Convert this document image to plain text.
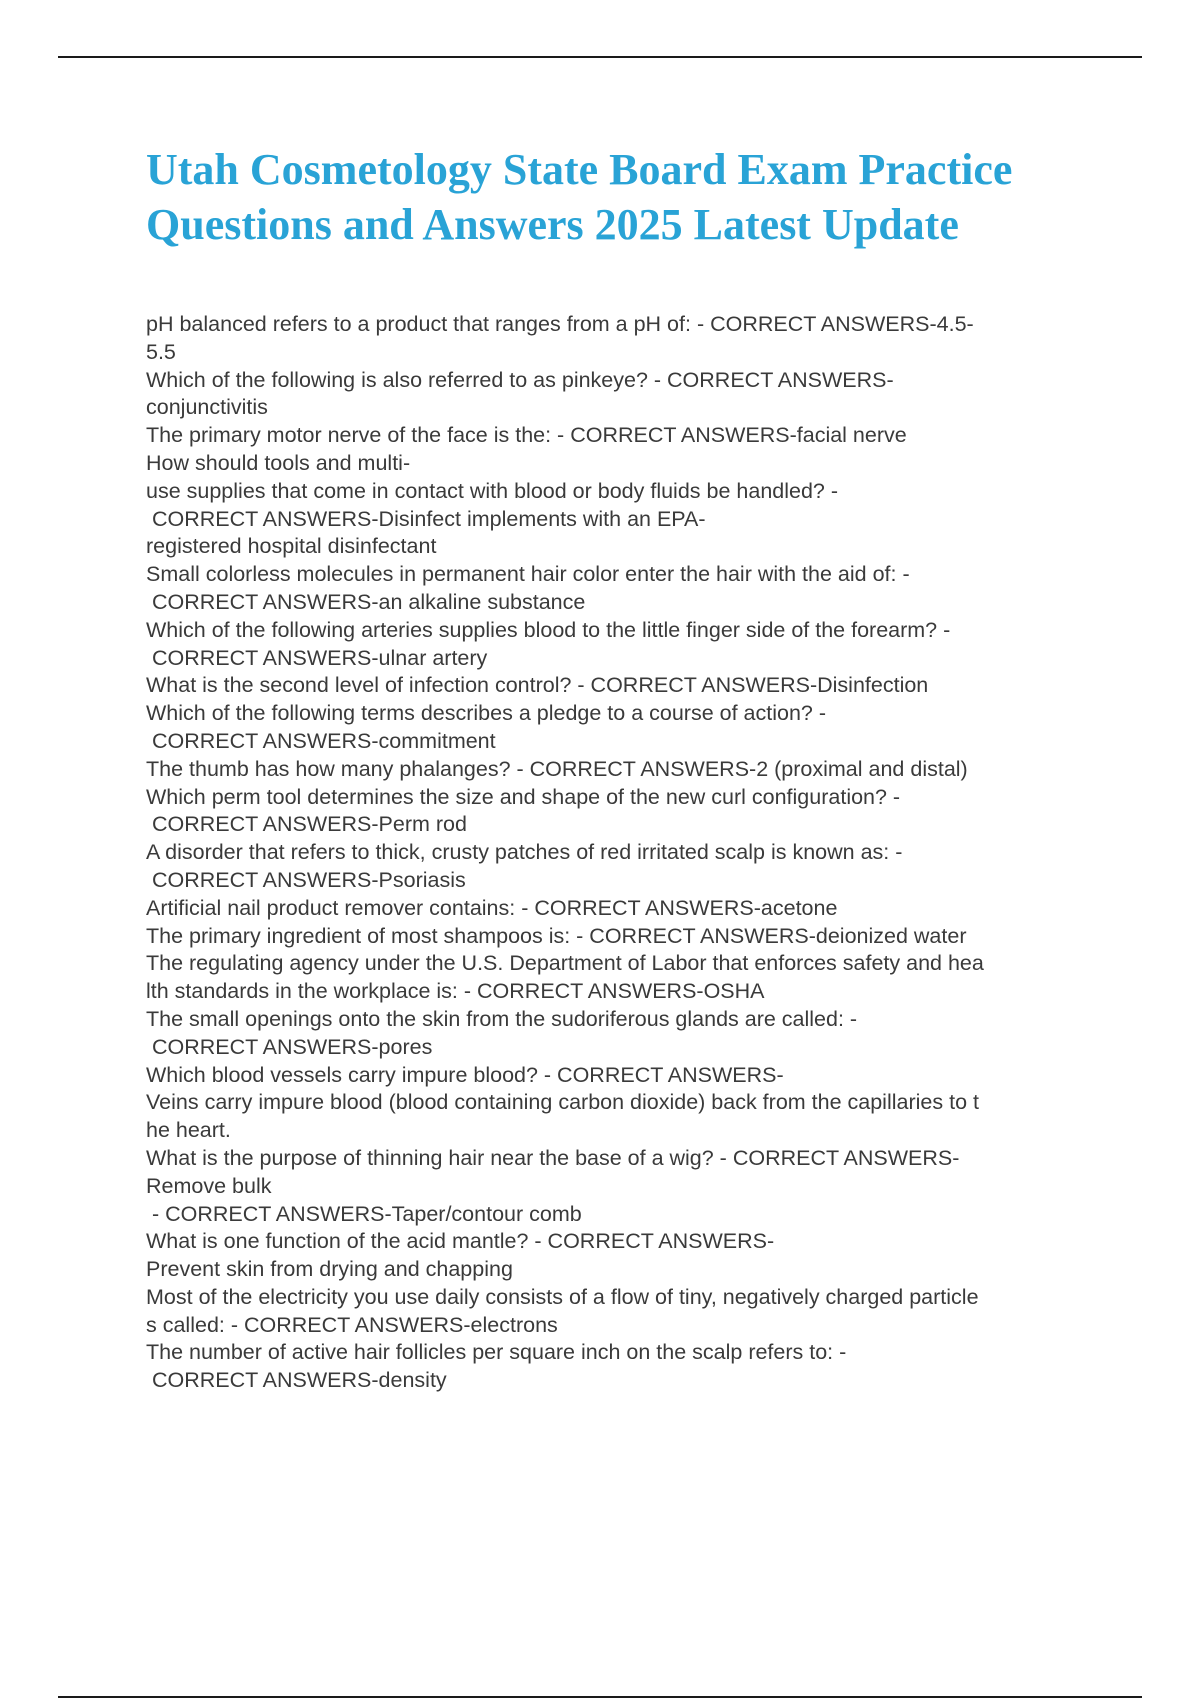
Utah Cosmetology State Board Exam Practice
Questions and Answers 2025 Latest Update
pH balanced refers to a product that ranges from a pH of: - CORRECT ANSWERS-4.5-
5.5
Which of the following is also referred to as pinkeye? - CORRECT ANSWERS-
conjunctivitis
The primary motor nerve of the face is the: - CORRECT ANSWERS-facial nerve
How should tools and multi-
use supplies that come in contact with blood or body fluids be handled? -
CORRECT ANSWERS-Disinfect implements with an EPA-
registered hospital disinfectant
Small colorless molecules in permanent hair color enter the hair with the aid of: -
CORRECT ANSWERS-an alkaline substance
Which of the following arteries supplies blood to the little finger side of the forearm? -
CORRECT ANSWERS-ulnar artery
What is the second level of infection control? - CORRECT ANSWERS-Disinfection
Which of the following terms describes a pledge to a course of action? -
CORRECT ANSWERS-commitment
The thumb has how many phalanges? - CORRECT ANSWERS-2 (proximal and distal)
Which perm tool determines the size and shape of the new curl configuration? -
CORRECT ANSWERS-Perm rod
A disorder that refers to thick, crusty patches of red irritated scalp is known as: -
CORRECT ANSWERS-Psoriasis
Artificial nail product remover contains: - CORRECT ANSWERS-acetone
The primary ingredient of most shampoos is: - CORRECT ANSWERS-deionized water
The regulating agency under the U.S. Department of Labor that enforces safety and hea
lth standards in the workplace is: - CORRECT ANSWERS-OSHA
The small openings onto the skin from the sudoriferous glands are called: -
CORRECT ANSWERS-pores
Which blood vessels carry impure blood? - CORRECT ANSWERS-
Veins carry impure blood (blood containing carbon dioxide) back from the capillaries to t
he heart.
What is the purpose of thinning hair near the base of a wig? - CORRECT ANSWERS-
Remove bulk
- CORRECT ANSWERS-Taper/contour comb
What is one function of the acid mantle? - CORRECT ANSWERS-
Prevent skin from drying and chapping
Most of the electricity you use daily consists of a flow of tiny, negatively charged particle
s called: - CORRECT ANSWERS-electrons
The number of active hair follicles per square inch on the scalp refers to: -
CORRECT ANSWERS-density
